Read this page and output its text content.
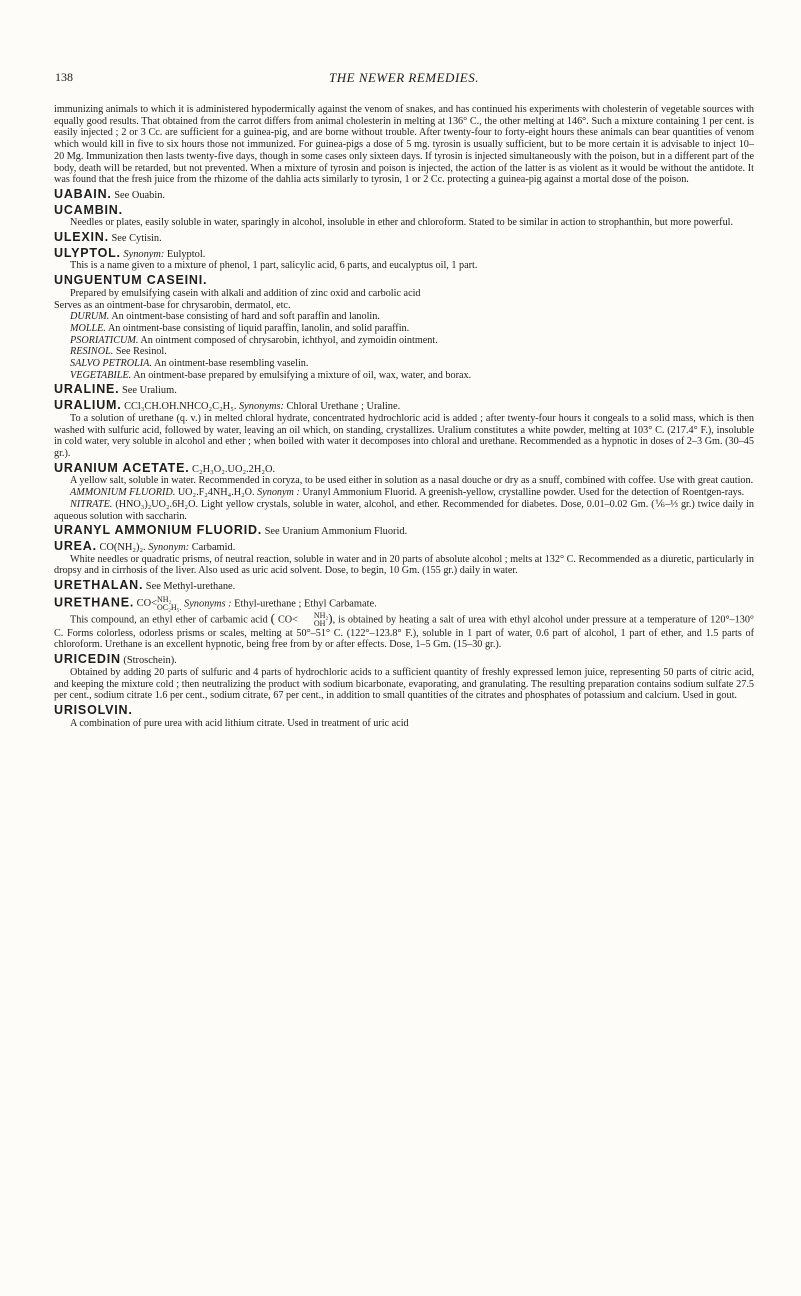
138	THE NEWER REMEDIES.

immunizing animals to which it is administered hypodermically against the venom of snakes, and has continued his experiments with cholesterin of vegetable sources with equally good results. That obtained from the carrot differs from animal cholesterin in melting at 136° C., the other melting at 146°. Such a mixture containing 1 per cent. is easily injected ; 2 or 3 Cc. are sufficient for a guinea-pig, and are borne without trouble. After twenty-four to forty-eight hours these animals can bear quantities of venom which would kill in five to six hours those not immunized. For guinea-pigs a dose of 5 mg. tyrosin is usually sufficient, but to be more certain it is advisable to inject 10–20 Mg. Immunization then lasts twenty-five days, though in some cases only sixteen days. If tyrosin is injected simultaneously with the poison, but in a different part of the body, death will be retarded, but not prevented. When a mixture of tyrosin and poison is injected, the action of the latter is as violent as it would be without the antidote. It was found that the fresh juice from the rhizome of the dahlia acts similarly to tyrosin, 1 or 2 Cc. protecting a guinea-pig against a mortal dose of the poison.

UABAIN. See Ouabin.

UCAMBIN.

Needles or plates, easily soluble in water, sparingly in alcohol, insoluble in ether and chloroform. Stated to be similar in action to strophanthin, but more powerful.

ULEXIN. See Cytisin.

ULYPTOL. Synonym: Eulyptol.

This is a name given to a mixture of phenol, 1 part, salicylic acid, 6 parts, and eucalyptus oil, 1 part.

UNGUENTUM CASEINI.

Prepared by emulsifying casein with alkali and addition of zinc oxid and carbolic acid

Serves as an ointment-base for chrysarobin, dermatol, etc.

DURUM. An ointment-base consisting of hard and soft paraffin and lanolin.

MOLLE. An ointment-base consisting of liquid paraffin, lanolin, and solid paraffin.

PSORIATICUM. An ointment composed of chrysarobin, ichthyol, and zymoidin ointment.

RESINOL. See Resinol.

SALVO PETROLIA. An ointment-base resembling vaselin.

VEGETABILE. An ointment-base prepared by emulsifying a mixture of oil, wax, water, and borax.

URALINE. See Uralium.

URALIUM. CCl₃CH.OH.NHCO₂C₂H₅. Synonyms: Chloral Urethane ; Uraline.

To a solution of urethane (q. v.) in melted chloral hydrate, concentrated hydrochloric acid is added ; after twenty-four hours it congeals to a solid mass, which is then washed with sulfuric acid, followed by water, leaving an oil which, on standing, crystallizes. Uralium constitutes a white powder, melting at 103° C. (217.4° F.), insoluble in cold water, very soluble in alcohol and ether ; when boiled with water it decomposes into chloral and urethane. Recommended as a hypnotic in doses of 2–3 Gm. (30–45 gr.).

URANIUM ACETATE. C₂H₃O₂.UO₂.2H₂O.

A yellow salt, soluble in water. Recommended in coryza, to be used either in solution as a nasal douche or dry as a snuff, combined with coffee. Use with great caution.

AMMONIUM FLUORID. UO₂.F₂4NH₄.H₂O. Synonym : Uranyl Ammonium Fluorid. A greenish-yellow, crystalline powder. Used for the detection of Roentgen-rays.

NITRATE. (HNO₃)₂UO₂.6H₂O. Light yellow crystals, soluble in water, alcohol, and ether. Recommended for diabetes. Dose, 0.01–0.02 Gm. (⅙–⅓ gr.) twice daily in aqueous solution with saccharin.

URANYL AMMONIUM FLUORID. See Uranium Ammonium Fluorid.

UREA. CO(NH₂)₂. Synonym: Carbamid.

White needles or quadratic prisms, of neutral reaction, soluble in water and in 20 parts of absolute alcohol ; melts at 132° C. Recommended as a diuretic, particularly in dropsy and in cirrhosis of the liver. Also used as uric acid solvent. Dose, to begin, 10 Gm. (155 gr.) daily in water.

URETHALAN. See Methyl-urethane.

URETHANE. CO< NH₂
OC₂H₅. Synonyms : Ethyl-urethane ; Ethyl Carbamate.

This compound, an ethyl ether of carbamic acid ( CO<	NH₂
OH ), is obtained by heating a salt of urea with ethyl alcohol under pressure at a temperature of 120°–130° C. Forms colorless, odorless prisms or scales, melting at 50°–51° C. (122°–123.8° F.), soluble in 1 part of water, 0.6 part of alcohol, 1 part of ether, and 1.5 parts of chloroform. Urethane is an excellent hypnotic, being free from by or after effects. Dose, 1–5 Gm. (15–30 gr.).

URICEDIN (Stroschein).

Obtained by adding 20 parts of sulfuric and 4 parts of hydrochloric acids to a sufficient quantity of freshly expressed lemon juice, representing 50 parts of citric acid, and keeping the mixture cold ; then neutralizing the product with sodium bicarbonate, evaporating, and granulating. The resulting preparation contains sodium sulfate 27.5 per cent., sodium citrate 1.6 per cent., sodium citrate, 67 per cent., in addition to small quantities of the citrates and phosphates of potassium and calcium. Used in gout.

URISOLVIN.

A combination of pure urea with acid lithium citrate. Used in treatment of uric acid
